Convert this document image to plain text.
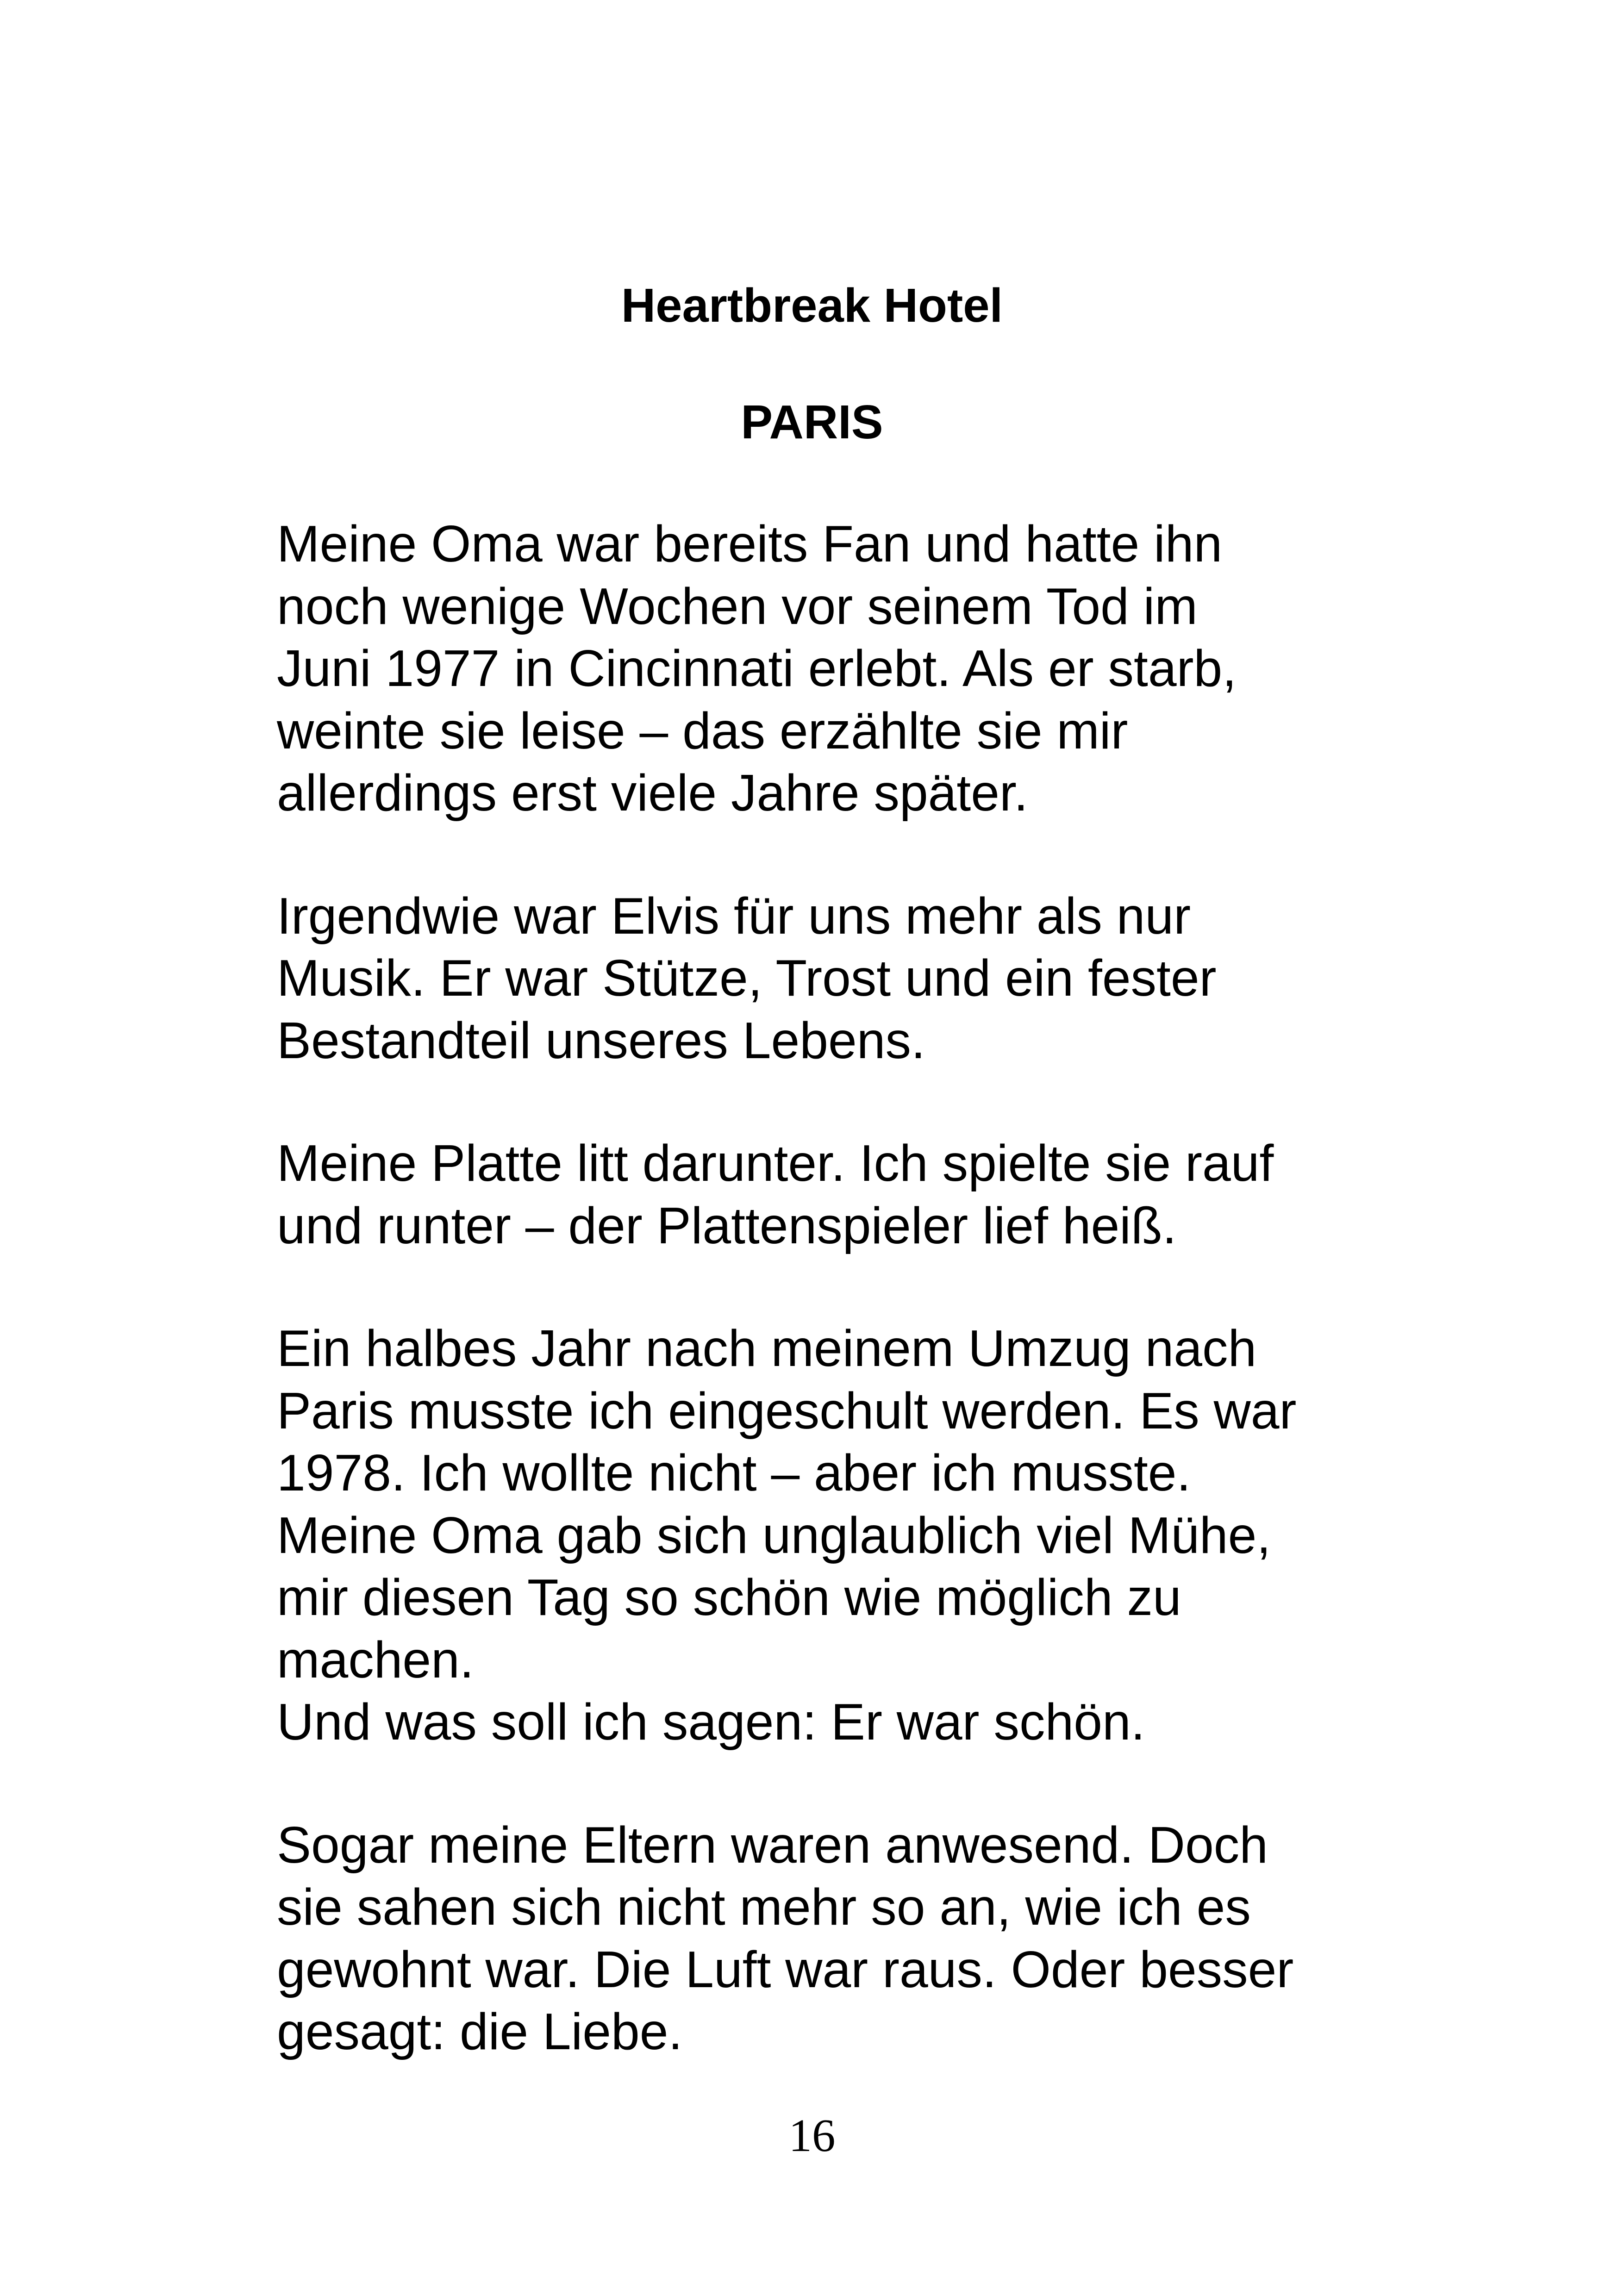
Heartbreak Hotel
PARIS

Meine Oma war bereits Fan und hatte ihn
noch wenige Wochen vor seinem Tod im
Juni 1977 in Cincinnati erlebt. Als er starb,
weinte sie leise – das erzählte sie mir
allerdings erst viele Jahre später.

Irgendwie war Elvis für uns mehr als nur
Musik. Er war Stütze, Trost und ein fester
Bestandteil unseres Lebens.

Meine Platte litt darunter. Ich spielte sie rauf
und runter – der Plattenspieler lief heiß.

Ein halbes Jahr nach meinem Umzug nach
Paris musste ich eingeschult werden. Es war
1978. Ich wollte nicht – aber ich musste.
Meine Oma gab sich unglaublich viel Mühe,
mir diesen Tag so schön wie möglich zu
machen.
Und was soll ich sagen: Er war schön.

Sogar meine Eltern waren anwesend. Doch
sie sahen sich nicht mehr so an, wie ich es
gewohnt war. Die Luft war raus. Oder besser
gesagt: die Liebe.

16
